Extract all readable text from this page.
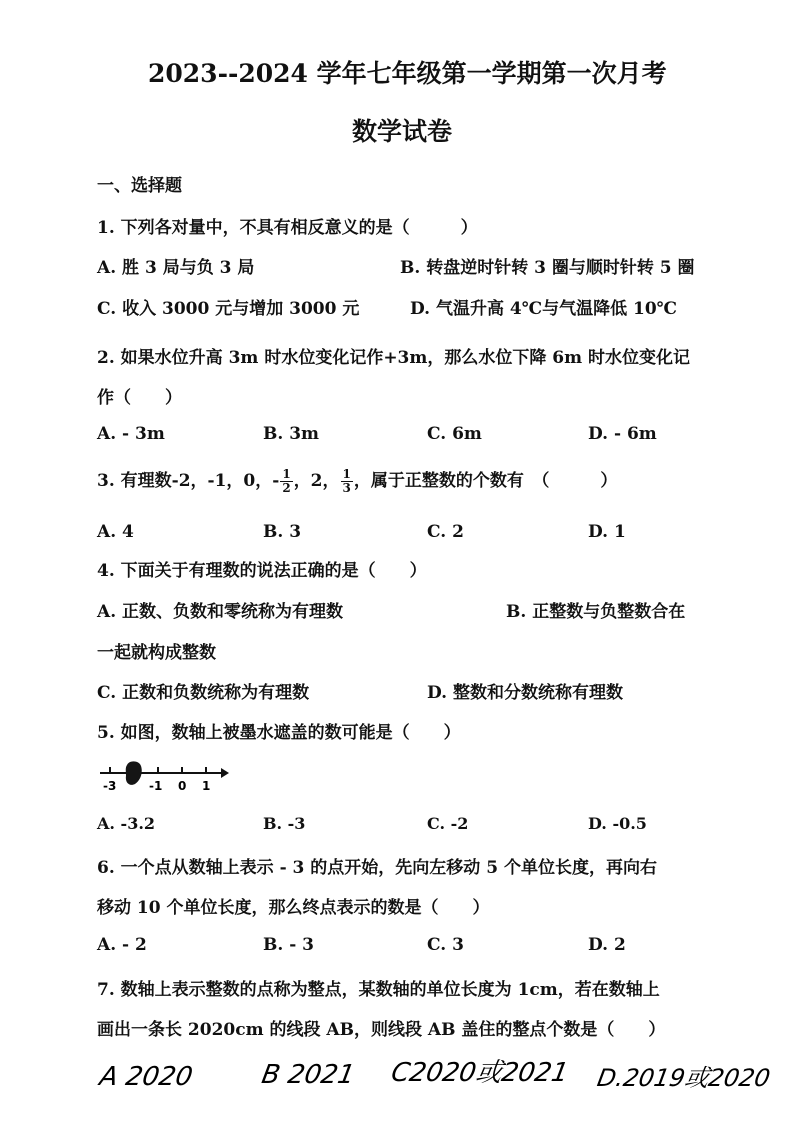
2023--2024 学年七年级第一学期第一次月考
数学试卷
一、选择题
1. 下列各对量中，不具有相反意义的是（　　　）
A. 胜 3 局与负 3 局	B. 转盘逆时针转 3 圈与顺时针转 5 圈
C. 收入 3000 元与增加 3000 元	D. 气温升高 4℃与气温降低 10℃
2. 如果水位升高 3m 时水位变化记作+3m，那么水位下降 6m 时水位变化记
作（　　）
A. - 3m	B. 3m	C. 6m	D. - 6m
3. 有理数-2，-1，0，- $\frac{1}{2}$ ，2， $\frac{1}{3}$ ，属于正整数的个数有　（　　　）
A. 4	B. 3	C. 2	D. 1
4. 下面关于有理数的说法正确的是（　　）
A. 正数、负数和零统称为有理数	B. 正整数与负整数合在
一起就构成整数
C. 正数和负数统称为有理数	D. 整数和分数统称有理数
5. 如图，数轴上被墨水遮盖的数可能是（　　）
-3	-1 0 1
A. -3.2	B. -3	C. -2	D. -0.5
6. 一个点从数轴上表示 - 3 的点开始，先向左移动 5 个单位长度，再向右
移动 10 个单位长度，那么终点表示的数是（　　）
A. - 2	B. - 3	C. 3	D. 2
7. 数轴上表示整数的点称为整点，某数轴的单位长度为 1cm，若在数轴上
画出一条长 2020cm 的线段 AB，则线段 AB 盖住的整点个数是（　　）
A 2020 B 2021 C2020或2021 D.2019或2020
